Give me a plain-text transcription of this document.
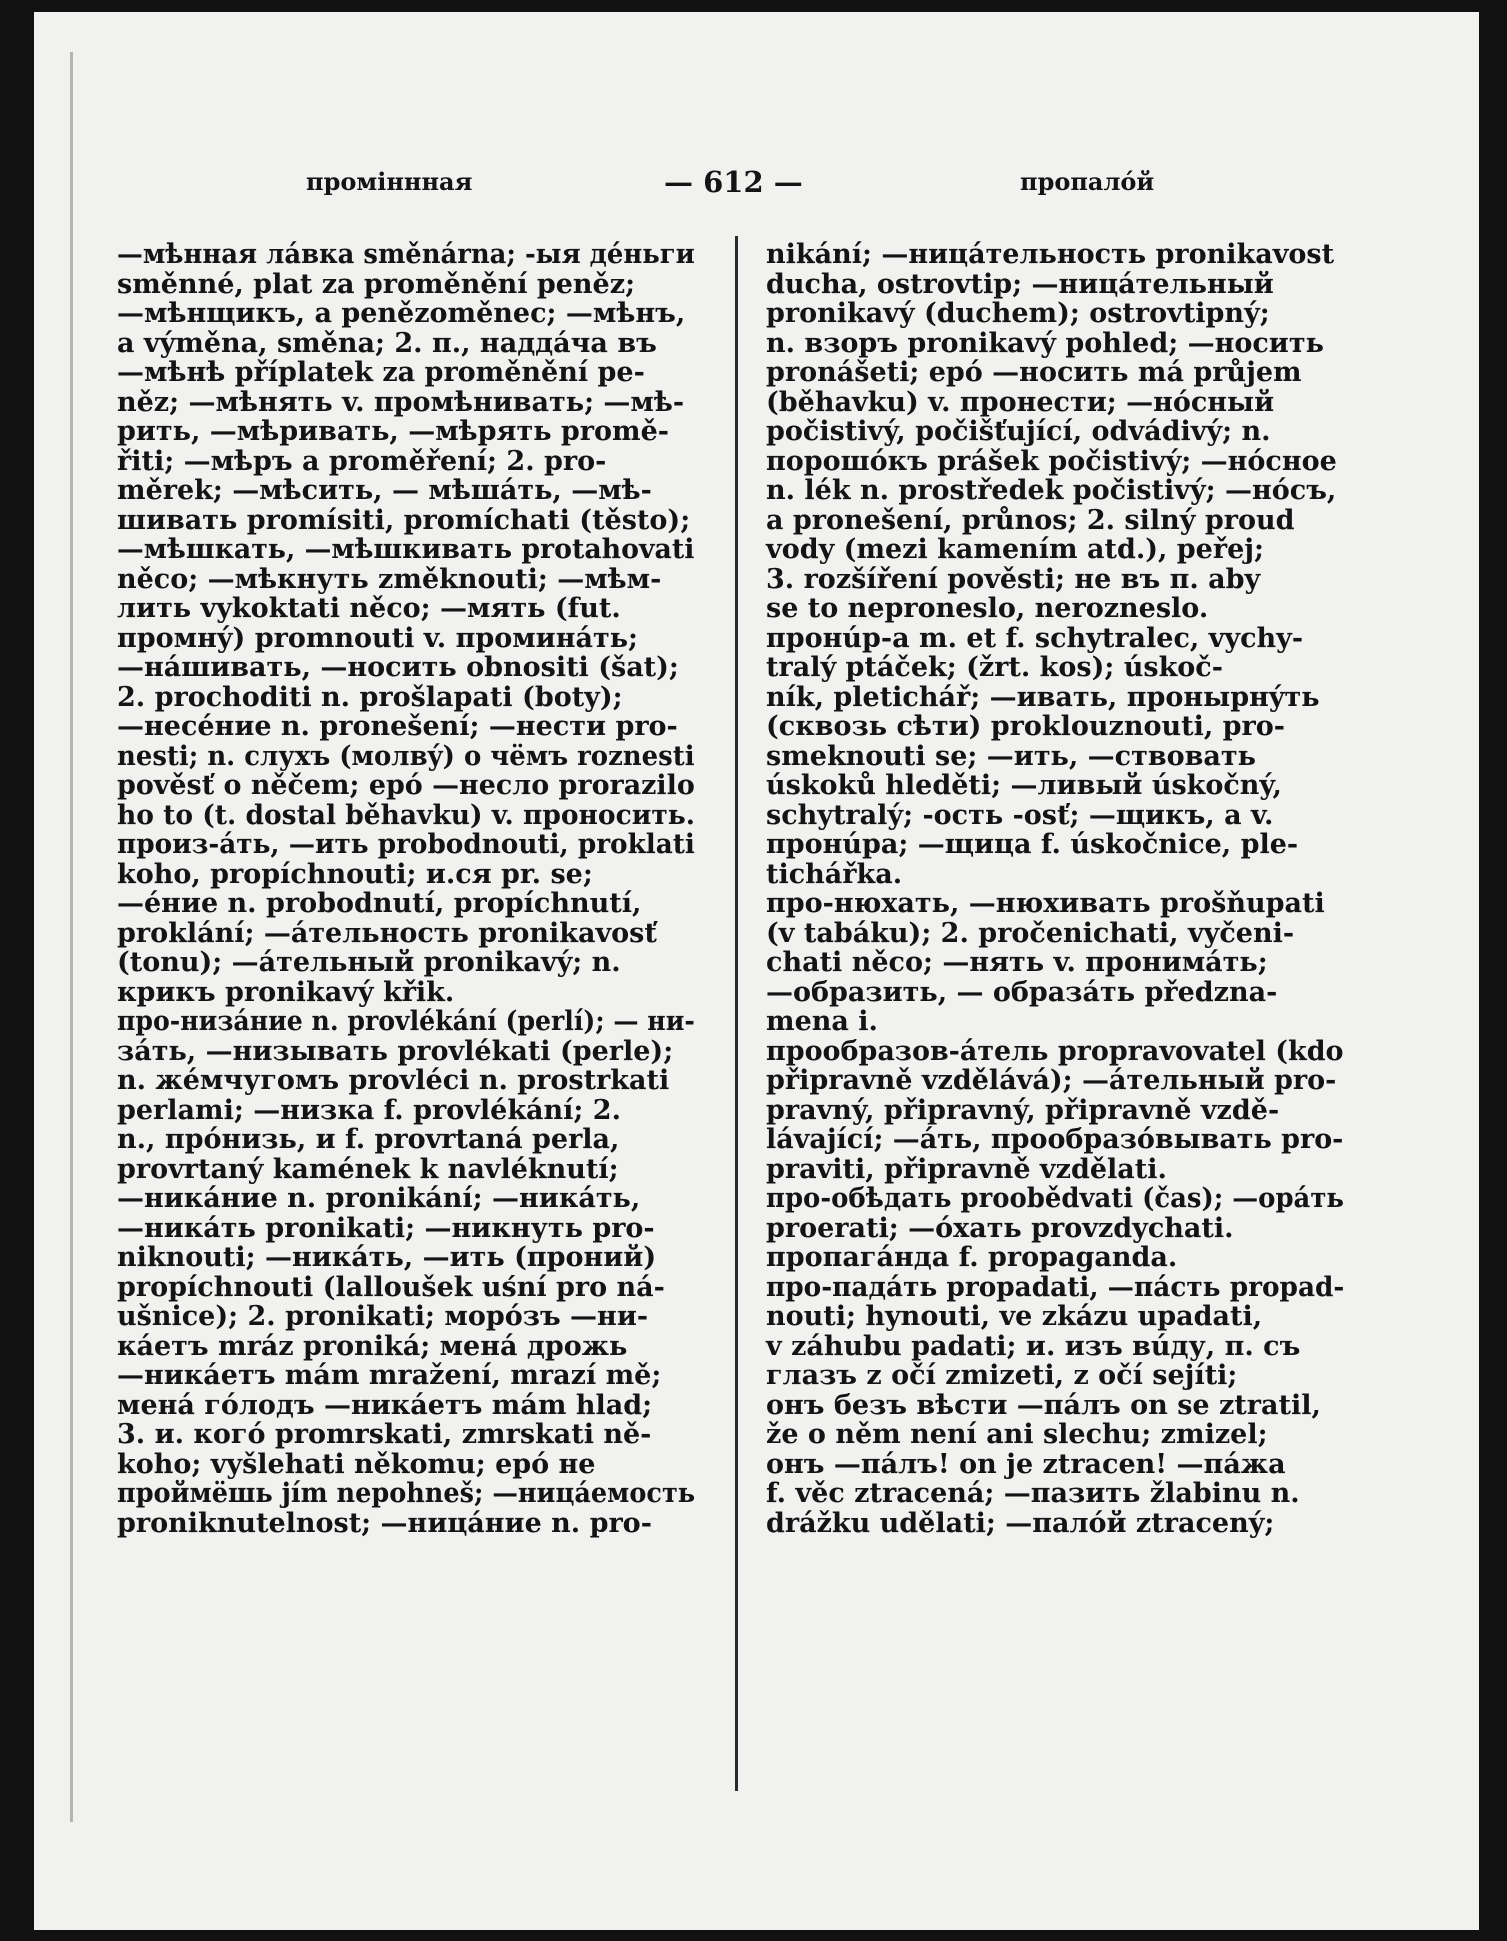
проміннная	— 612 —	пропалóй
—мѣнная лáвка směnárna; -ыя дéньги
směnné, plat za proměnění peněz;
—мѣнщикъ, a penězoměnec; —мѣнъ,
a výměna, směna; 2. п., наддáча въ
—мѣнѣ příplatek za proměnění pe-
něz; —мѣнять v. промѣнивать; —мѣ-
рить, —мѣривать, —мѣрять promě-
řiti; —мѣръ a proměření; 2. pro-
měrek; —мѣсить, — мѣшáть, —мѣ-
шивать promísiti, promíchati (těsto);
—мѣшкать, —мѣшкивать protahovati
něco; —мѣкнуть změknouti; —мѣм-
лить vykoktati něco; —мять (fut.
промнý) promnouti v. проминáть;
—нáшивать, —носить obnositi (šat);
2. prochoditi n. prošlapati (boty);
—несéние n. pronešení; —нести pro-
nesti; n. слухъ (молвý) о чёмъ roznesti
pověsť o něčem; ерó —несло prorazilo
ho to (t. dostal běhavku) v. проносить.
произ-áть, —ить probodnouti, proklati
koho, propíchnouti; и.ся pr. se;
—éние n. probodnutí, propíchnutí,
proklání; —áтельность pronikavosť
(tonu); —áтельный pronikavý; n.
крикъ pronikavý křik.
про-низáние n. provlékání (perlí); — ни-
зáть, —низывать provlékati (perle);
n. жéмчугомъ provléci n. prostrkati
perlami; —низка f. provlékání; 2.
n., прóнизь, и f. provrtaná perla,
provrtaný kamének k navléknutí;
—никáние n. pronikání; —никáть,
—никáть pronikati; —никнуть pro-
niknouti; —никáть, —ить (проний)
propíchnouti (lalloušek uśní pro ná-
ušnice); 2. pronikati; морóзъ —ни-
кáетъ mráz proniká; менá дрожь
—никáетъ mám mražení, mrazí mě;
менá гóлодъ —никáетъ mám hlad;
3. и. когó promrskati, zmrskati ně-
koho; vyšlehati někomu; ерó не
проймёшь jím nepohneš; —ницáемость
proniknutelnost; —ницáние n. pro-
nikání; —ницáтельность pronikavost
ducha, ostrovtip; —ницáтельный
pronikavý (duchem); ostrovtipný;
n. взоръ pronikavý pohled; —носить
pronášeti; ерó —носить má průjem
(běhavku) v. пронести; —нóсный
počistivý, počišťující, odvádivý; n.
порошóкъ prášek počistivý; —нóсное
n. lék n. prostředek počistivý; —нóсъ,
a pronešení, průnos; 2. silný proud
vody (mezi kamením atd.), peřej;
3. rozšíření pověsti; не въ п. aby
se to neproneslo, nerozneslo.
пронúр-а m. et f. schytralec, vychy-
tralý ptáček; (žrt. kos); úskoč-
ník, pletichář; —ивать, пронырнýть
(сквозь сѣти) proklouznouti, pro-
smeknouti se; —ить, —ствовать
úskoků hleděti; —ливый úskočný,
schytralý; -ость -osť; —щикъ, a v.
пронúра; —щица f. úskočnice, ple-
tichářka.
про-нюхать, —нюхивать prošňupati
(v tabáku); 2. pročenichati, vyčeni-
chati něco; —нять v. пронимáть;
—образить, — образáть předzna-
mena i.
прообразов-áтель propravovatel (kdo
připravně vzdělává); —áтельный pro-
pravný, připravný, připravně vzdě-
lávající; —áть, прообразóвывать pro-
praviti, připravně vzdělati.
про-обѣдать proobědvati (čas); —орáть
proerati; —óхать provzdychati.
пропагáнда f. propaganda.
про-падáть propadati, —пáсть propad-
nouti; hynouti, ve zkázu upadati,
v záhubu padati; и. изъ вúду, п. съ
глазъ z očí zmizeti, z očí sejíti;
онъ безъ вѣсти —пáлъ on se ztratil,
že o něm není ani slechu; zmizel;
онъ —пáлъ! on je ztracen! —пáжа
f. věc ztracená; —пазить žlabinu n.
drážku udělati; —палóй ztracený;
